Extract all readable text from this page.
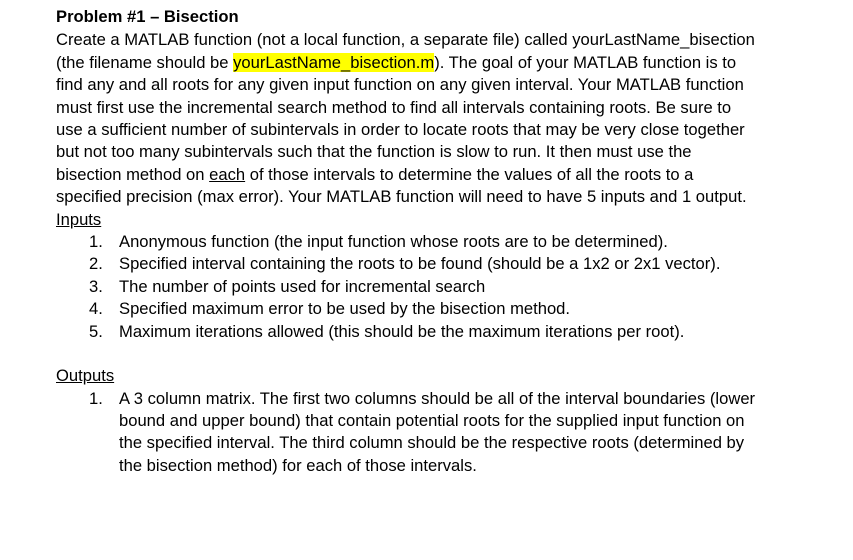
Problem #1 – Bisection
Create a MATLAB function (not a local function, a separate file) called yourLastName_bisection
(the filename should be yourLastName_bisection.m). The goal of your MATLAB function is to
find any and all roots for any given input function on any given interval. Your MATLAB function
must first use the incremental search method to find all intervals containing roots. Be sure to
use a sufficient number of subintervals in order to locate roots that may be very close together
but not too many subintervals such that the function is slow to run. It then must use the
bisection method on each of those intervals to determine the values of all the roots to a
specified precision (max error). Your MATLAB function will need to have 5 inputs and 1 output.
Inputs
1. Anonymous function (the input function whose roots are to be determined).
2. Specified interval containing the roots to be found (should be a 1x2 or 2x1 vector).
3. The number of points used for incremental search
4. Specified maximum error to be used by the bisection method.
5. Maximum iterations allowed (this should be the maximum iterations per root).
Outputs
1. A 3 column matrix. The first two columns should be all of the interval boundaries (lower
bound and upper bound) that contain potential roots for the supplied input function on
the specified interval. The third column should be the respective roots (determined by
the bisection method) for each of those intervals.
